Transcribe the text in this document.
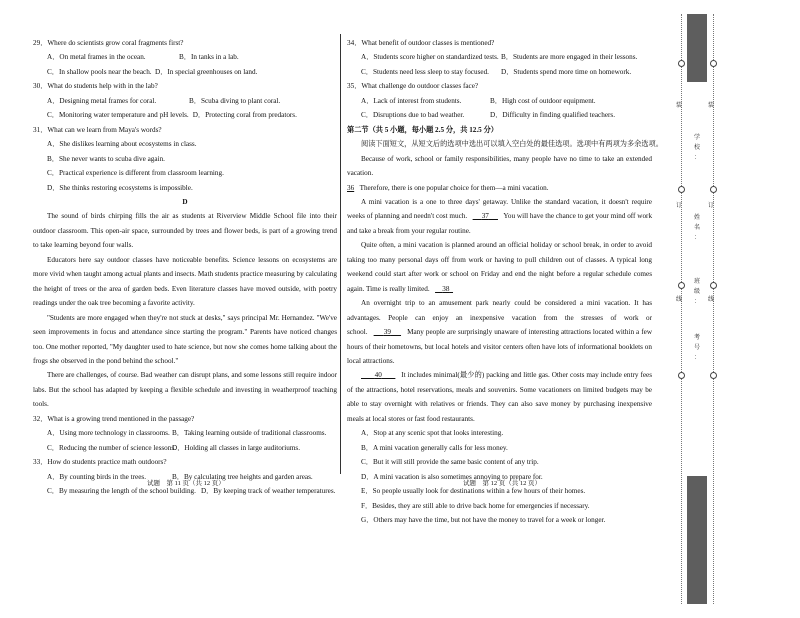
29．Where do scientists grow coral fragments first?
A．On metal frames in the ocean.	B．In tanks in a lab.
C．In shallow pools near the beach. D．In special greenhouses on land.
30．What do students help with in the lab?
A．Designing metal frames for coral.	B．Scuba diving to plant coral.
C．Monitoring water temperature and pH levels. D．Protecting coral from predators.
31．What can we learn from Maya's words?
A．She dislikes learning about ecosystems in class.
B．She never wants to scuba dive again.
C．Practical experience is different from classroom learning.
D．She thinks restoring ecosystems is impossible.
D

The sound of birds chirping fills the air as students at Riverview Middle School file into their outdoor classroom. This open-air space, surrounded by trees and flower beds, is part of a growing trend to take learning beyond four walls.

Educators here say outdoor classes have noticeable benefits. Science lessons on ecosystems are more vivid when taught among actual plants and insects. Math students practice measuring by calculating the height of trees or the area of garden beds. Even literature classes have moved outside, with poetry readings under the oak tree becoming a favorite activity.

"Students are more engaged when they're not stuck at desks," says principal Mr. Hernandez. "We've seen improvements in focus and attendance since starting the program." Parents have noticed changes too. One mother reported, "My daughter used to hate science, but now she comes home talking about the frogs she observed in the pond behind the school."

There are challenges, of course. Bad weather can disrupt plans, and some lessons still require indoor labs. But the school has adapted by keeping a flexible schedule and investing in weatherproof teaching tools.

32．What is a growing trend mentioned in the passage?
A．Using more technology in classrooms. B．Taking learning outside of traditional classrooms.
C．Reducing the number of science lessons.
D．Holding all classes in large auditoriums.
33．How do students practice math outdoors?
A．By counting birds in the trees.	B．By calculating tree heights and garden areas.
C．By measuring the length of the school building. D．By keeping track of weather temperatures.
试题　第 11 页（共 12 页）
34．What benefit of outdoor classes is mentioned?
A．Students score higher on standardized tests. B．Students are more engaged in their lessons.
C．Students need less sleep to stay focused.	D．Students spend more time on homework.
35．What challenge do outdoor classes face?
A．Lack of interest from students.	B．High cost of outdoor equipment.
C．Disruptions due to bad weather.	D．Difficulty in finding qualified teachers.
第二节（共 5 小题，每小题 2.5 分，共 12.5 分）
阅读下面短文，从短文后的选项中选出可以填入空白处的最佳选项。选项中有两项为多余选项。

Because of work, school or family responsibilities, many people have no time to take an extended vacation.
36 Therefore, there is one popular choice for them—a mini vacation.

A mini vacation is a one to three days' getaway. Unlike the standard vacation, it doesn't require weeks of planning and needn't cost much. 37 You will have the chance to get your mind off work and take a break from your regular routine.

Quite often, a mini vacation is planned around an official holiday or school break, in order to avoid taking too many personal days off from work or having to pull children out of classes. A typical long weekend could start after work or school on Friday and end the night before a regular schedule comes again. Time is really limited. 38

An overnight trip to an amusement park nearly could be considered a mini vacation. It has advantages. People can enjoy an inexpensive vacation from the stresses of work or school. 39 Many people are surprisingly unaware of interesting attractions located within a few hours of their hometowns, but local hotels and visitor centers often have lots of informational booklets on local attractions.

40	It includes minimal(最少的) packing and little gas. Other costs may include entry fees of the attractions, hotel reservations, meals and souvenirs. Some vacationers on limited budgets may be able to stay overnight with relatives or friends. They can also save money by purchasing inexpensive meals at local stores or fast food restaurants.

A．Stop at any scenic spot that looks interesting.
B．A mini vacation generally calls for less money.
C．But it will still provide the same basic content of any trip.
D．A mini vacation is also sometimes annoying to prepare for.
E．So people usually look for destinations within a few hours of their homes.
F．Besides, they are still able to drive back home for emergencies if necessary.
G．Others may have the time, but not have the money to travel for a week or longer.
试题　第 12 页（共 12 页）
装
订
线
装
订
线
学
校
：
姓
名
：
班
级
：
考
号
：
